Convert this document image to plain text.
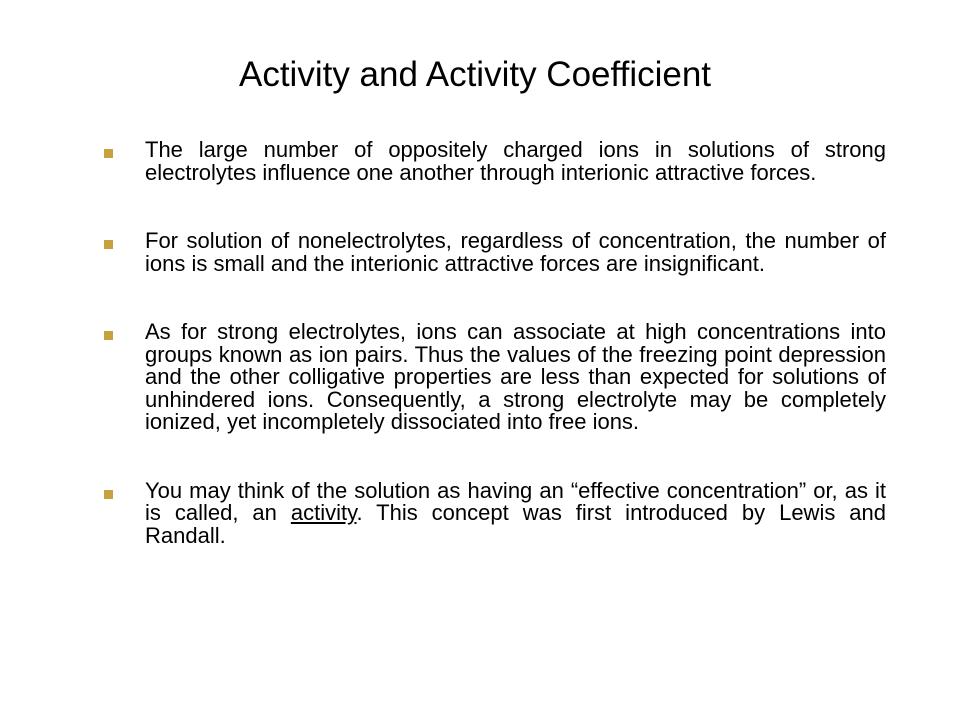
Activity and Activity Coefficient
The large number of oppositely charged ions in solutions of strong electrolytes influence one another through interionic attractive forces.
For solution of nonelectrolytes, regardless of concentration, the number of ions is small and the interionic attractive forces are insignificant.
As for strong electrolytes, ions can associate at high concentrations into groups known as ion pairs. Thus the values of the freezing point depression and the other colligative properties are less than expected for solutions of unhindered ions. Consequently, a strong electrolyte may be completely ionized, yet incompletely dissociated into free ions.
You may think of the solution as having an “effective concentration” or, as it is called, an activity. This concept was first introduced by Lewis and Randall.
